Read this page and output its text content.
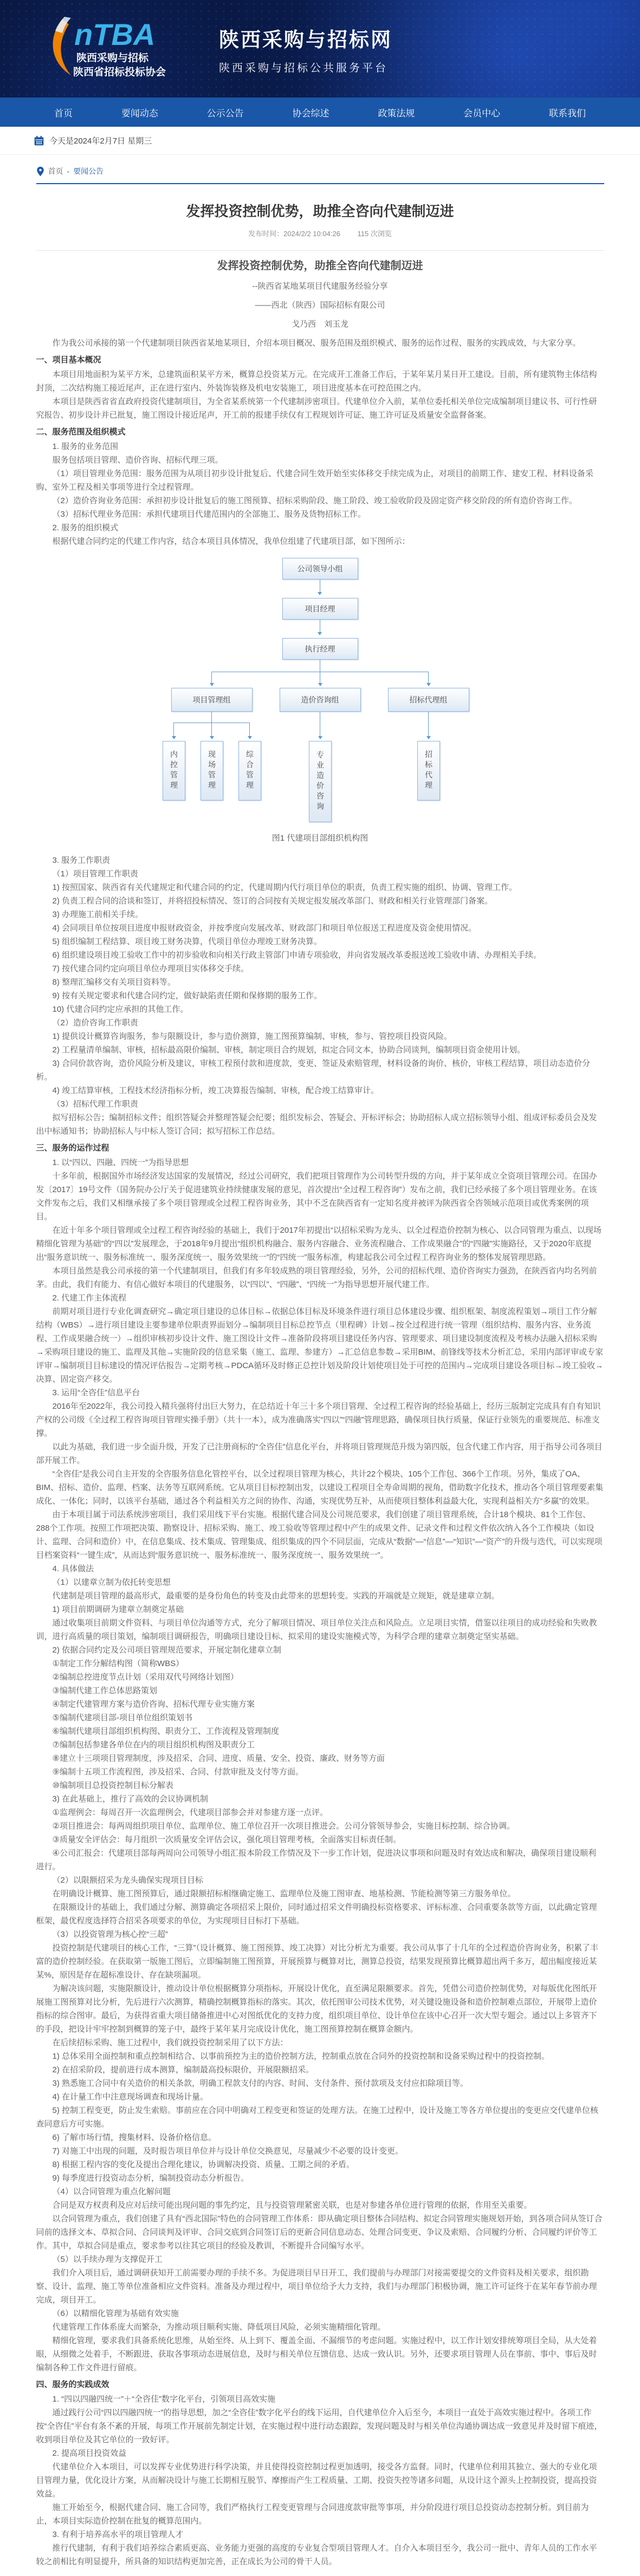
nTBA
陕西采购与招标
陕西省招标投标协会
陕西采购与招标网
陕西采购与招标公共服务平台
首页	要闻动态	公示公告	协会综述	政策法规	会员中心	联系我们
今天是2024年2月7日 星期三
首页 - 要闻公告
发挥投资控制优势，助推全咨向代建制迈进
发布时间：2024/2/2 10:04:26 115 次浏览
发挥投资控制优势，助推全咨向代建制迈进
--陕西省某地某项目代建服务经验分享
——西北（陕西）国际招标有限公司
戈乃西　刘玉龙
作为我公司承接的第一个代建制项目陕西省某地某项目，介绍本项目概况、服务范围及组织模式、服务的运作过程、服务的实践成效，与大家分享。
一、项目基本概况
本项目用地面积为某平方米，总建筑面积某平方米，概算总投资某万元。在完成开工准备工作后，于某年某月某日开工建设。目前，所有建筑物主体结构封顶，二次结构施工接近尾声，正在进行室内、外装饰装修及机电安装施工，项目进度基本在可控范围之内。
本项目是陕西省省直政府投资代建制项目，为全省某系统第一个代建制涉密项目。代建单位介入前，某单位委托相关单位完成编制项目建议书、可行性研究报告、初步设计并已批复，施工图设计接近尾声，开工前的报建手续仅有工程规划许可证、施工许可证及质量安全监督备案。
二、服务范围及组织模式
1. 服务的业务范围
服务包括项目管理、造价咨询、招标代理三项。
（1）项目管理业务范围：服务范围为从项目初步设计批复后、代建合同生效开始至实体移交手续完成为止，对项目的前期工作、建安工程、材料设备采购、室外工程及相关事项等进行全过程管理。
（2）造价咨询业务范围：承担初步设计批复后的施工图预算、招标采购阶段、施工阶段、竣工验收阶段及固定资产移交阶段的所有造价咨询工作。
（3）招标代理业务范围：承担代建项目代建范围内的全部施工、服务及货物招标工作。
2. 服务的组织模式
根据代建合同约定的代建工作内容，结合本项目具体情况，我单位组建了代建项目部，如下图所示：
公司领导小组
项目经理
执行经理
项目管理组
内控管理	现场管理	综合管理
造价咨询组
专业造价咨询
招标代理组
招标代理
图1 代建项目部组织机构图
3. 服务工作职责
（1）项目管理工作职责
1) 按照国家、陕西省有关代建规定和代建合同的约定，代建周期内代行项目单位的职责，负责工程实施的组织、协调、管理工作。
2) 负责工程合同的洽谈和签订，并将招投标情况、签订的合同按有关规定报发展改革部门、财政和相关行业管理部门备案。
3) 办理施工前相关手续。
4) 会同项目单位按项目进度申报财政资金，并按季度向发展改革、财政部门和项目单位报送工程进度及资金使用情况。
5) 组织编制工程结算、项目竣工财务决算，代项目单位办理竣工财务决算。
6) 组织建设项目竣工验收工作中的初步验收和向相关行政主管部门申请专项验收，并向省发展改革委报送竣工验收申请、办理相关手续。
7) 按代建合同约定向项目单位办理项目实体移交手续。
8) 整理汇编移交有关项目资料等。
9) 按有关规定要求和代建合同约定，做好缺陷责任期和保修期的服务工作。
10) 代建合同约定应承担的其他工作。
（2）造价咨询工作职责
1) 提供设计概算咨询服务，参与限额设计，参与造价测算，施工图预算编制、审核，参与、管控项目投资风险。
2) 工程量清单编制、审核，招标最高限价编制、审核，制定项目合约规划，拟定合同文本，协助合同谈判，编制项目资金使用计划。
3) 合同价款咨询，造价风险分析及建议，审核工程预付款和进度款，变更、签证及索赔管理，材料设备的询价、核价，审核工程结算，项目动态造价分析。
4) 竣工结算审核，工程技术经济指标分析，竣工决算报告编制、审核，配合竣工结算审计。
（3）招标代理工作职责
拟写招标公告；编制招标文件；组织答疑会并整理答疑会纪要；组织发标会、答疑会、开标评标会；协助招标人成立招标领导小组、组成评标委员会及发出中标通知书；协助招标人与中标人签订合同；拟写招标工作总结。
三、服务的运作过程
1. 以“四以、四融、四统一”为指导思想
十多年前，根据国外市场经济发达国家的发展情况，经过公司研究，我们把项目管理作为公司转型升级的方向，并于某年成立全资项目管理公司。在国办发〔2017〕19号文件（国务院办公厅关于促进建筑业持续健康发展的意见，首次提出“全过程工程咨询”）发布之前，我们已经承接了多个项目管理业务。在该文件发布之后，我们又相继承接了多个项目管理或全过程工程咨询业务，其中不乏在陕西省有一定知名度并被评为陕西省全咨领域示范项目或优秀案例的项目。
在近十年多个项目管理或全过程工程咨询经验的基础上，我们于2017年初提出“以招标采购为龙头、以全过程造价控制为核心、以合同管理为重点、以现场精细化管理为基础”的“四以”发展理念，于2018年9月提出“组织机构融合、服务内容融合、业务流程融合、工作成果融合”的“四融”实施路径，又于2020年底提出“服务意识统一、服务标准统一、服务深度统一、服务效果统一”的“四统一”服务标准，构建起我公司全过程工程咨询业务的整体发展管理思路。
本项目虽然是我公司承接的第一个代建制项目，但我们有多年较成熟的项目管理经验，另外，公司的招标代理、造价咨询实力强劲，在陕西省内均名列前茅。由此，我们有能力、有信心做好本项目的代建服务，以“四以”、“四融”、“四统一”为指导思想开展代建工作。
2. 代建工作主体流程
前期对项目进行专业化调查研究→确定项目建设的总体目标→依据总体目标及环境条件进行项目总体建设步骤、组织框架、制度流程策划→项目工作分解结构（WBS）→进行项目建设主要参建单位职责界面划分→编制项目目标总控节点（里程碑）计划→按全过程进行统一管理（组织结构、服务内容、业务流程、工作成果融合统一）→组织审核初步设计文件、施工图设计文件→准备阶段将项目建设任务内容、管理要求、项目建设制度流程及考核办法融入招标采购→采购项目建设的施工、监理及其他→实施阶段的信息采集（施工、监理、参建方）→汇总信息参数→采用BIM、前锋线等技术分析汇总，采用内部评审或专家评审→编制项目目标建设的情况评估报告→定期考核→PDCA循环及时修正总控计划及阶段计划使项目处于可控的范围内→完成项目建设各项目标→竣工验收→决算、固定资产移交。
3. 运用“全咨佳”信息平台
2016年至2022年，我公司投入精兵强将付出巨大努力，在总结近十年三十多个项目管理、全过程工程咨询的经验基础上，经历三版制定完成具有自有知识产权的公司级《全过程工程咨询项目管理实操手册》（共十一本），成为准确落实“四以”“四融”管理思路，确保项目执行质量，保证行业领先的重要规范、标准支撑。
以此为基础，我们进一步全面升级，开发了已注册商标的“全咨佳”信息化平台，并将项目管理规范升级为第四版，包含代建工作内容，用于指导公司各项目部开展工作。
“全咨佳”是我公司自主开发的全咨服务信息化管控平台，以全过程项目管理为核心，共计22个模块、105个工作包、366个工作项。另外，集成了OA、BIM、招标、造价、监理、档案、法务等互联网系统。它从项目目标控制出发，以建设工程项目全寿命周期的视角，借助数字化技术，推动各个项目管理要素集成化、一体化；同时，以该平台基础，通过各个利益相关方之间的协作、沟通，实现优势互补，从而使项目整体利益最大化，实现利益相关方“多赢”的效果。
由于本项目属于司法系统涉密项目，我们采用线下平台实施。根据代建合同及公司规范要求，我们创建了项目管理系统，合计18个模块、81个工作包、288个工作项。按照工作项把决策、勘察设计、招标采购、施工、竣工验收等管理过程中产生的成果文件、记录文件和过程文件依次纳入各个工作模块（如设计、监理、合同和造价）中，在信息集成、技术集成、管理集成、组织集成的四个不同层面，完成从“数据”—“信息”—“知识”—“资产”的升级与迭代，可以实现项目档案资料“一键生成”，从而达到“服务意识统一、服务标准统一、服务深度统一、服务效果统一”。
4. 具体做法
（1）以建章立制为依托转变思想
代建制是项目管理的最高形式，最重要的是身份角色的转变及由此带来的思想转变。实践的开端就是立规矩，就是建章立制。
1) 项目前期调研为建章立制奠定基础
通过收集项目前期文件资料、与项目单位沟通等方式，充分了解项目情况、项目单位关注点和风险点。立足项目实情，借鉴以往项目的成功经验和失败教训，进行高质量的项目策划，编制项目调研报告，明确项目建设目标、拟采用的建设实施模式等，为科学合理的建章立制奠定坚实基础。
2) 依据合同约定及公司项目管理规范要求，开展定制化建章立制
①制定工作分解结构图（简称WBS）
②编制总控进度节点计划（采用双代号网络计划图）
③编制代建工作总体思路策划
④制定代建管理方案与造价咨询、招标代理专业实施方案
⑤编制代建项目部-项目单位组织策划书
⑥编制代建项目部组织机构图、职责分工、工作流程及管理制度
⑦编制包括参建各单位在内的项目组织机构图及职责分工
⑧建立十三项项目管理制度，涉及招采、合同、进度、质量、安全、投资、廉政、财务等方面
⑨编制十五项工作流程图，涉及招采、合同、付款审批及支付等方面。
⑩编制项目总投资控制目标分解表
3) 在此基础上，推行了高效的会议协调机制
①监理例会：每周召开一次监理例会，代建项目部参会并对参建方逐一点评。
②项目推进会：每两周组织项目单位、监理单位、施工单位召开一次项目推进会。公司分管领导参会，实施目标控制、综合协调。
③质量安全评估会：每月组织一次质量安全评估会议，强化项目管理考核，全面落实目标责任制。
④公司汇报会：代建项目部每两周向公司领导小组汇报本阶段工作情况及下一步工作计划，促进决议事项和问题及时有效达成和解决，确保项目建设顺利进行。
（2）以限额招采为龙头确保实现项目目标
在明确设计概算、施工图预算后，通过限额招标相继确定施工、监理单位及施工图审查、地基检测、节能检测等第三方服务单位。
在限额设计的基础上，我们通过分解、测算确定各项招采上限价，同时通过招采文件明确投标资格要求、评标标准、合同重要条款等方面，以此确定管理框架，最优程度选择符合招采各项要求的单位，为实现项目目标打下基础。
（3）以投资管理为核心控“三超”
投资控制是代建项目的核心工作，“三算”（设计概算、施工图预算、竣工决算）对比分析尤为重要。我公司从事了十几年的全过程造价咨询业务，积累了丰富的造价控制经验。在获取第一版施工图后，立即编制施工图预算，开展预算与概算对比，测算总投资，结果发现预算比概算超出两千多万，超出幅度接近某某%，原因是存在超标准设计、存在缺项漏项。
为解决该问题，实施限额设计，推动设计单位根据概算分项指标，开展设计优化，直至满足限额要求。首先，凭借公司造价控制优势，对每版优化图纸开展施工图预算对比分析，先后进行六次测算，精确控制概算指标的落实。其次，依托图审公司技术优势，对关键设施设备和造价控制难点部位，开展带上造价指标的综合图审。最后，为获得省重大项目储备推进中心对图纸优化的支持力度，组织项目单位、设计单位在该中心召开一次大型专题会。通过以上多管齐下的手段，把设计牢牢控制到概算的笼子中，最终于某年某月完成设计优化，施工图预算控制在概算金额内。
在后续招标采购、施工过程中，我们就投资控制采用了以下方法：
1) 总体采用全面控制和重点控制相结合、以事前预控为主的造价控制方法，控制重点放在合同外的投资控制和设备采购过程中的投资控制。
2) 在招采阶段，提前进行成本测算，编制最高投标限价，开展限额招采。
3) 熟悉施工合同中有关造价的相关条款，明确工程款支付的内容、时间、支付条件、预付款项及支付应扣除项目等。
4) 在计量工作中注意现场调查和现场计量。
5) 控制工程变更，防止发生索赔。事前应在合同中明确对工程变更和签证的处理方法。在施工过程中，设计及施工等各方单位提出的变更应交代建单位核查同意后方可实施。
6) 了解市场行情，搜集材料、设备价格信息。
7) 对施工中出现的问题，及时报告项目单位并与设计单位交换意见，尽量减少不必要的设计变更。
8) 根据工程内容的变化及提出合理化建议，协调解决投资、质量、工期之间的矛盾。
9) 每季度进行投资动态分析，编制投资动态分析报告。
（4）以合同管理为重点化解问题
合同是双方权责利及应对后续可能出现问题的事先约定，且与投资管理紧密关联，也是对参建各单位进行管理的依据，作用至关重要。
以合同管理为重点，我们创建了具有“西北国际”特色的合同管理工作体系：即从确定项目整体合同结构、拟定合同管理实施规划开始，到各项合同从签订合同前的选择文本、草拟合同、合同谈判及评审、合同交底到合同签订后的更新合同信息动态、处理合同变更、争议及索赔、合同履约分析、合同履约评价等工作。其中，草拟合同是重点，要求参考以往其它项目的经验及教训，不断提升合同编写水平。
（5）以手续办理为支撑促开工
我们介入项目后，通过调研获知开工前需要办理的手续不多。为促进项目早日开工，我们提前与办理部门对接需要提交的文件资料及相关要求，组织勘察、设计、监理、施工等单位准备相应文件资料。准备及办理过程中，项目单位给予大力支持，我们与办理部门积极协调，施工许可证终于在某年春节前办理完成，项目开工。
（6）以精细化管理为基础有效实施
代建管理工作体系庞大而繁杂，为推动项目顺利实施、降低项目风险，必须实施精细化管理。
精细化管理，要求我们具备系统化思维，从始至终、从上到下、覆盖全面、不漏细节的考虑问题。实施过程中，以工作计划安排统筹项目全局，从大处着眼，从细微之处着手，不断跟进、获取各事项动态进展信息，及时与相关单位互馈信息、达成一致认识。另外，还要求项目管理人员在事前、事中、事后及时编制各种工作文件进行留痕。
四、服务的实践成效
1. “四以四融四统一”＋“全咨佳”数字化平台，引领项目高效实施
通过践行公司“四以四融四统一”的指导思想，加之“全咨佳”数字化平台的线下运用，自代建单位介入后至今，本项目一直处于高效实施过程中。各项工作按“全咨佳”平台有条不紊的开展，每项工作开展前先制定计划，在实施过程中进行动态跟踪，发现问题及时与相关单位沟通协调达成一致意见并及时留下痕迹，收到项目单位及其它单位的一致好评。
2. 提高项目投资效益
代建单位介入本项目，可以发挥专业优势进行科学决策，并且使得投资控制过程更加透明，接受各方监督。同时，代建单位利用其独立、强大的专业化项目管理力量，优化设计方案，从而解决设计与施工长期相互脱节、摩擦而产生工程质量、工期、投资失控等诸多问题，从设计这个源头上控制投资，提高投资效益。
施工开始至今，根据代建合同、施工合同等，我们严格执行工程变更管理与合同进度款审批等事项，并分阶段进行项目总投资动态控制分析。到目前为止，本项目实际造价控制在批复的概算范围内。
3. 有利于培养高水平的项目管理人才
推行代建制，有利于我们培养综合素质更高、业务能力更强的高度的专业复合型项目管理人才。自介入本项目至今，我公司一批中、青年人员的工作水平较之前相比有明显提升，所具备的知识结构更加完善，正在成长为公司的骨干人员。
